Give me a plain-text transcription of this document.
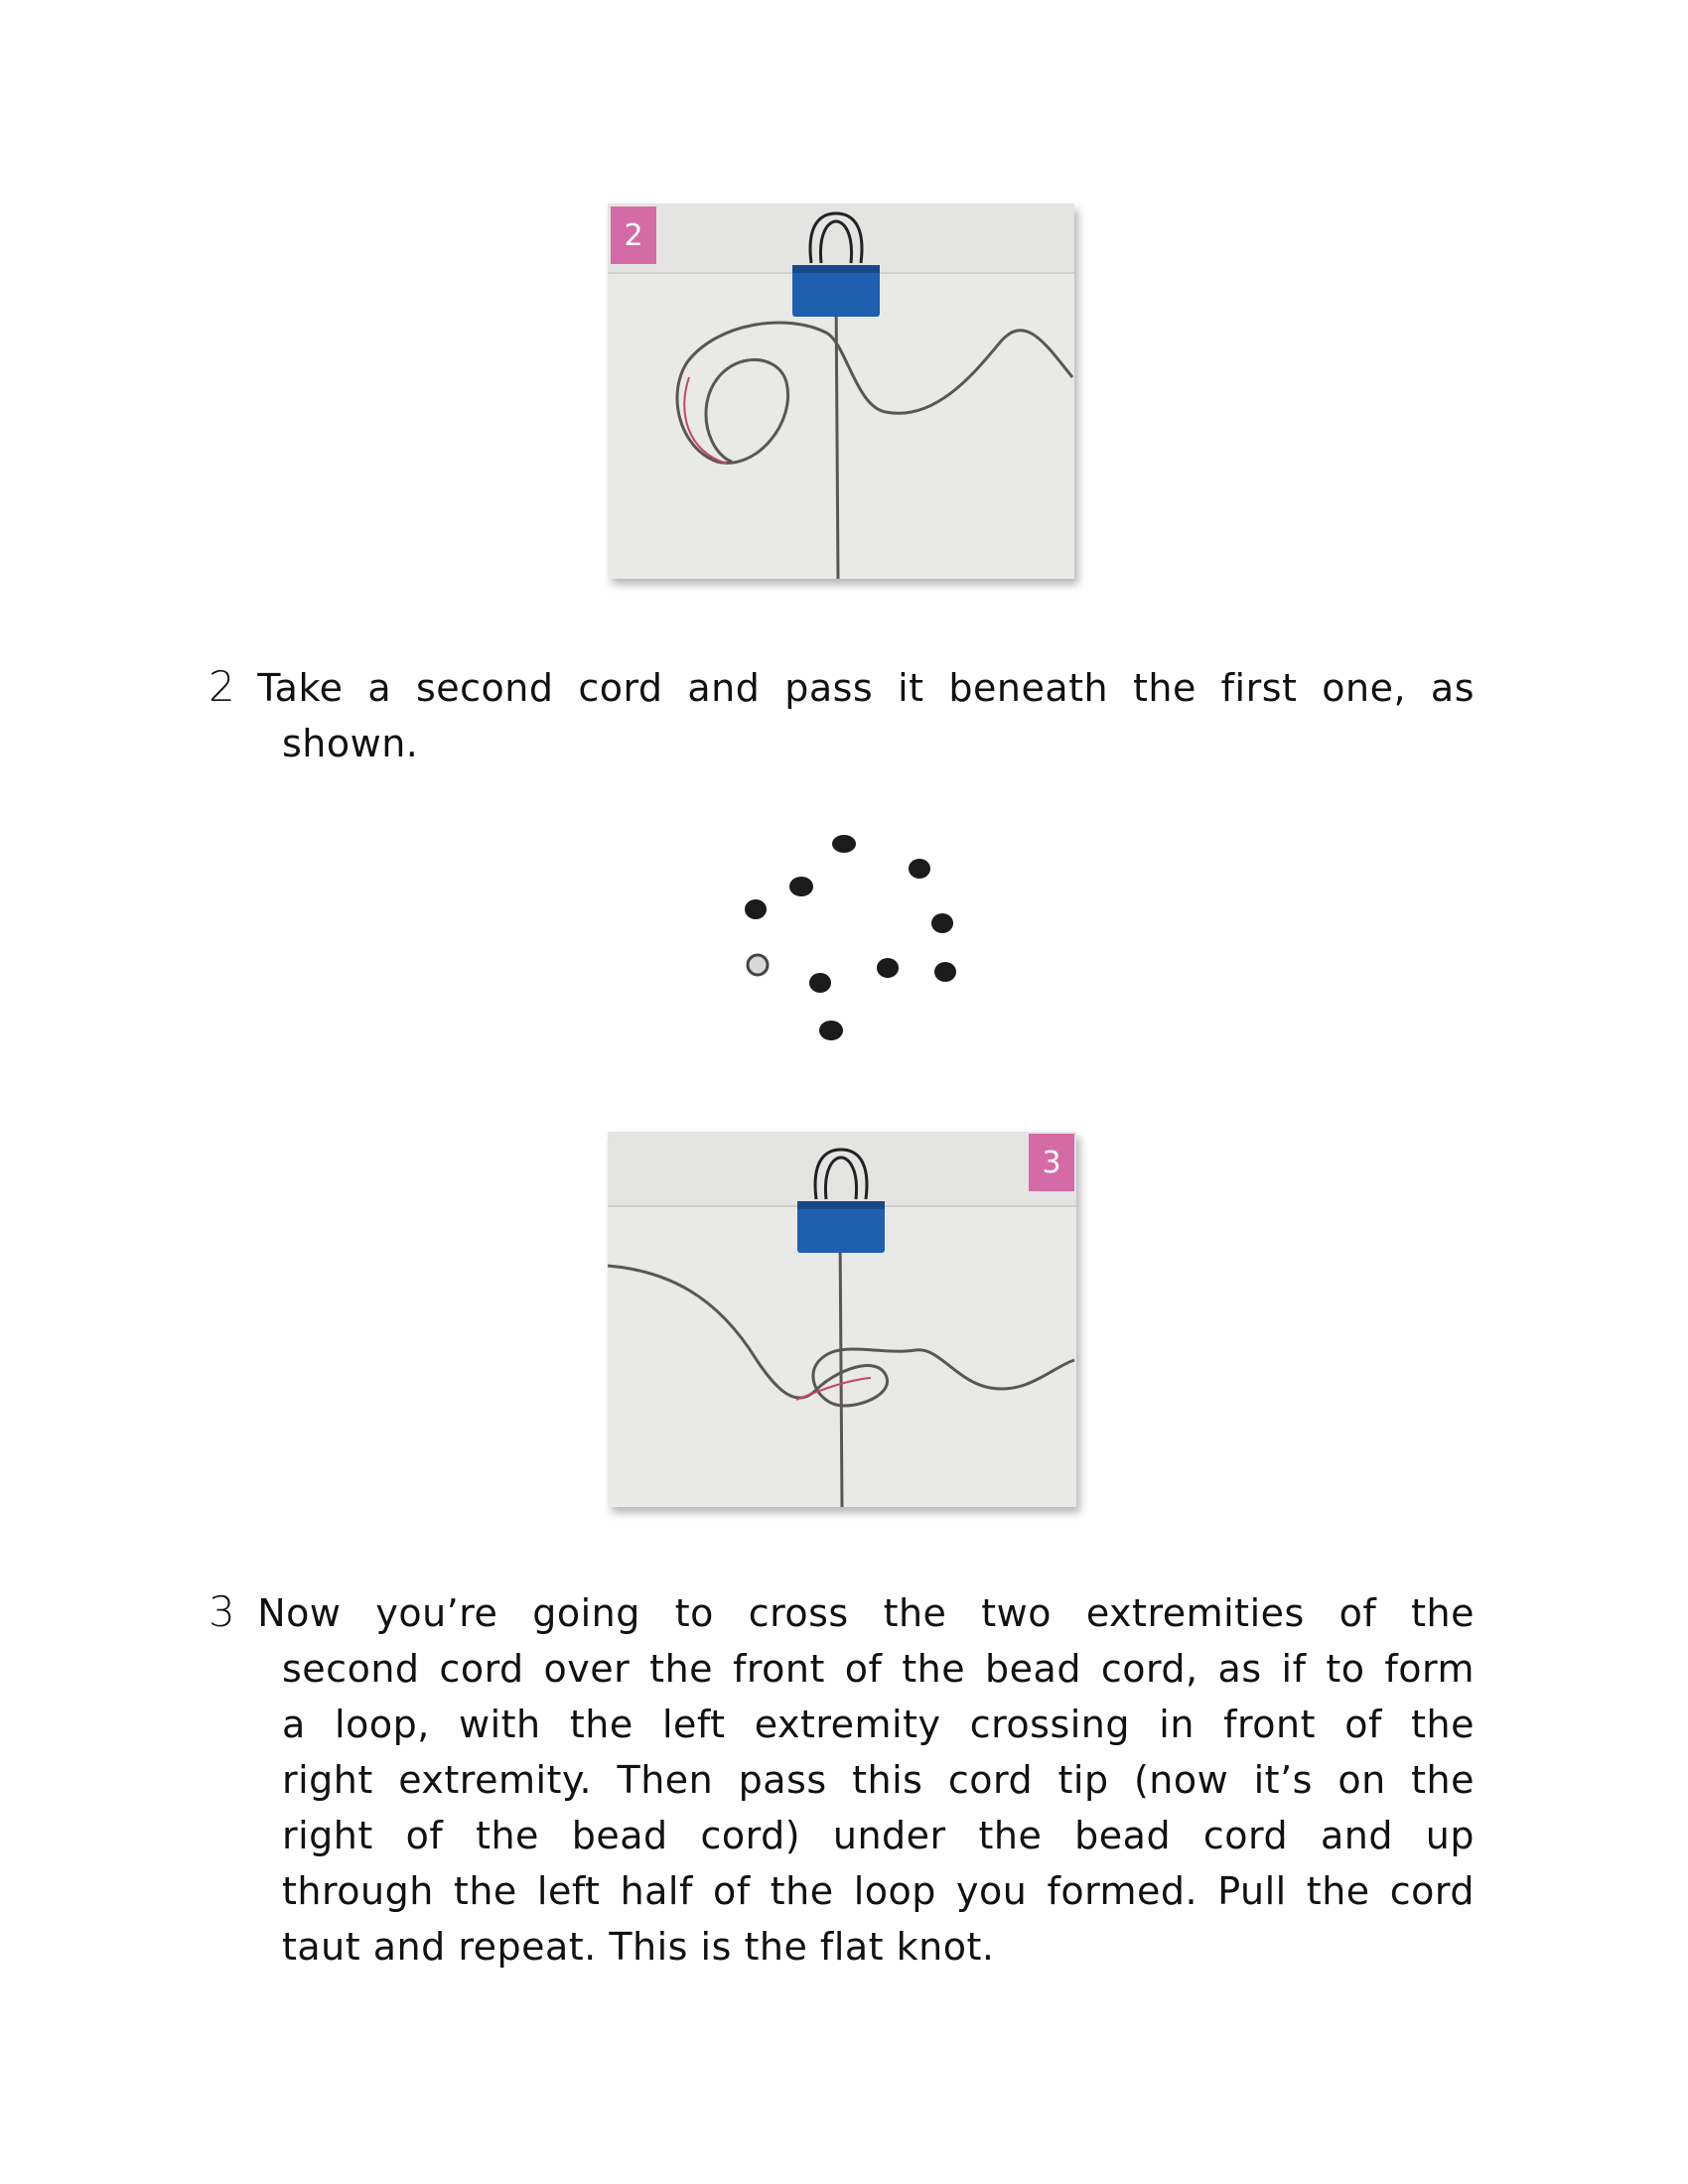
2
2 Take a second cord and pass it beneath the first one, as
shown.
3
3 Now you’re going to cross the two extremities of the
second cord over the front of the bead cord, as if to form
a loop, with the left extremity crossing in front of the
right extremity. Then pass this cord tip (now it’s on the
right of the bead cord) under the bead cord and up
through the left half of the loop you formed. Pull the cord
taut and repeat. This is the flat knot.
